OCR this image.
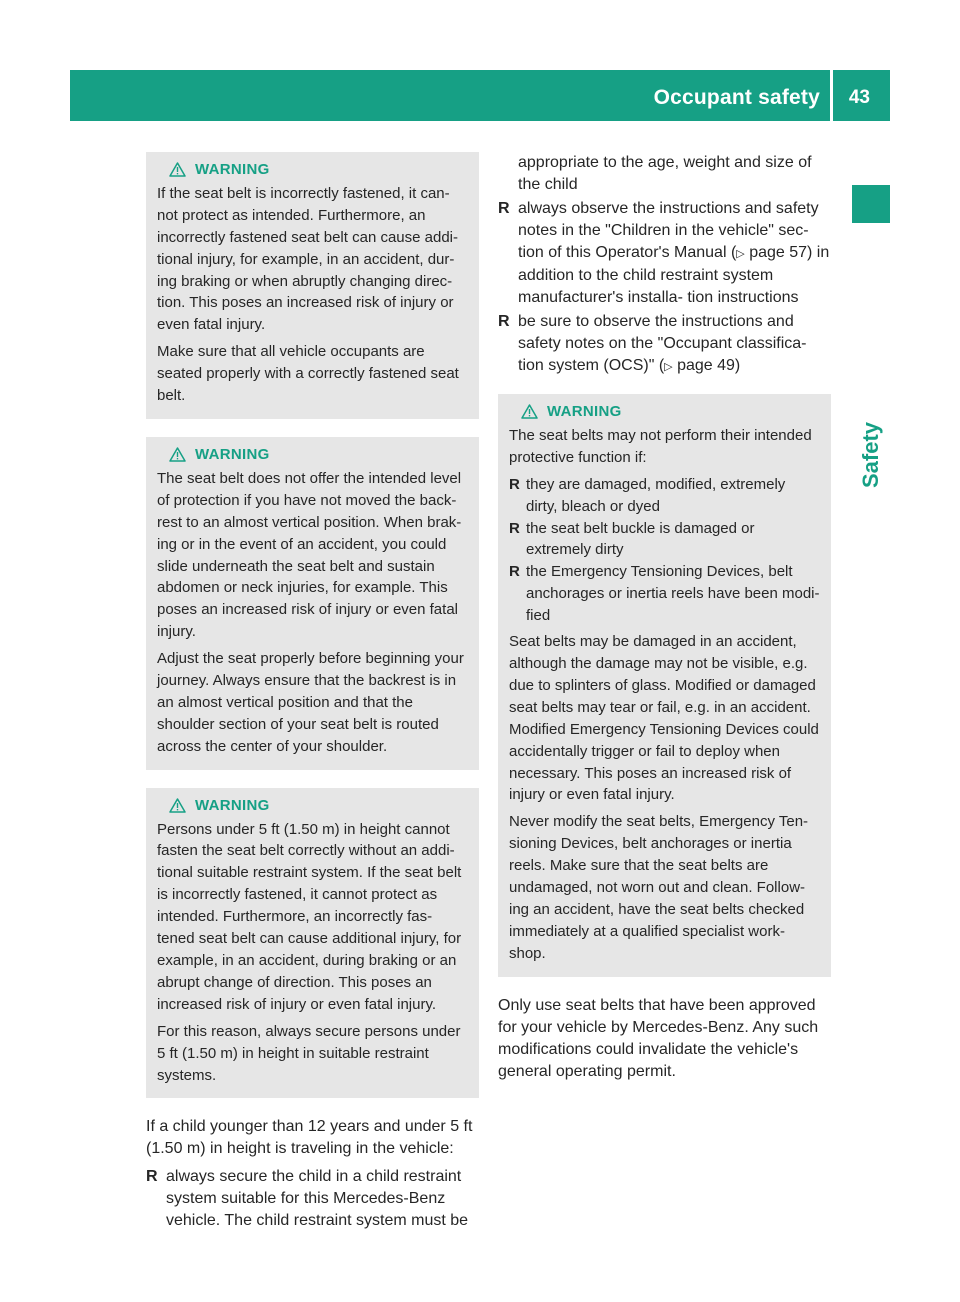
Occupant safety 43
Safety
WARNING

If the seat belt is incorrectly fastened, it can- not protect as intended. Furthermore, an incorrectly fastened seat belt can cause addi- tional injury, for example, in an accident, dur- ing braking or when abruptly changing direc- tion. This poses an increased risk of injury or even fatal injury.

Make sure that all vehicle occupants are seated properly with a correctly fastened seat belt.

WARNING

The seat belt does not offer the intended level of protection if you have not moved the back- rest to an almost vertical position. When brak- ing or in the event of an accident, you could slide underneath the seat belt and sustain abdomen or neck injuries, for example. This poses an increased risk of injury or even fatal injury.

Adjust the seat properly before beginning your journey. Always ensure that the backrest is in an almost vertical position and that the shoulder section of your seat belt is routed across the center of your shoulder.

WARNING

Persons under 5 ft (1.50 m) in height cannot fasten the seat belt correctly without an addi- tional suitable restraint system. If the seat belt is incorrectly fastened, it cannot protect as intended. Furthermore, an incorrectly fas- tened seat belt can cause additional injury, for example, in an accident, during braking or an abrupt change of direction. This poses an increased risk of injury or even fatal injury.

For this reason, always secure persons under 5 ft (1.50 m) in height in suitable restraint systems.

If a child younger than 12 years and under 5 ft (1.50 m) in height is traveling in the vehicle:

R always secure the child in a child restraint system suitable for this Mercedes-Benz vehicle. The child restraint system must be
appropriate to the age, weight and size of the child
R always observe the instructions and safety notes in the "Children in the vehicle" sec- tion of this Operator's Manual (▷ page 57) in addition to the child restraint system manufacturer's installa- tion instructions
R be sure to observe the instructions and safety notes on the "Occupant classifica- tion system (OCS)" (▷ page 49)
WARNING

The seat belts may not perform their intended protective function if:

R they are damaged, modified, extremely dirty, bleach or dyed
R the seat belt buckle is damaged or extremely dirty
R the Emergency Tensioning Devices, belt anchorages or inertia reels have been modi- fied

Seat belts may be damaged in an accident, although the damage may not be visible, e.g. due to splinters of glass. Modified or damaged seat belts may tear or fail, e.g. in an accident. Modified Emergency Tensioning Devices could accidentally trigger or fail to deploy when necessary. This poses an increased risk of injury or even fatal injury.

Never modify the seat belts, Emergency Ten- sioning Devices, belt anchorages or inertia reels. Make sure that the seat belts are undamaged, not worn out and clean. Follow- ing an accident, have the seat belts checked immediately at a qualified specialist work- shop.

Only use seat belts that have been approved for your vehicle by Mercedes-Benz. Any such modifications could invalidate the vehicle's general operating permit.
